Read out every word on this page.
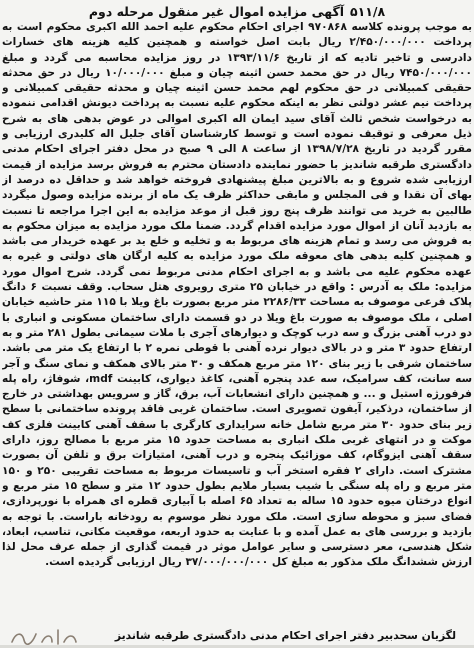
۵۱۱/۸
آگهی مزایده اموال غیر منقول مرحله دوم
به موجب پرونده کلاسه ۹۷۰۸۶۸ اجرای احکام محکوم علیه احمد الله اکبری محکوم است به پرداخت ۲/۴۵۰/۰۰۰/۰۰۰ ریال بابت اصل خواسته و همچنین کلیه هزینه های خسارات دادرسی و تاخیر تادیه که از تاریخ ۱۳۹۳/۱۱/۶ در روز مزایده محاسبه می گردد و مبلغ ۷۴۵۰/۰۰۰/۰۰۰ ریال در حق محمد حسن اثینه چیان و مبلغ ۱۰/۰۰۰/۰۰۰ ریال در حق محدثه حقیقی کمبیلانی در حق محکوم لهم محمد حسن اثینه چیان و محدثه حقیقی کمبیلانی و پرداخت نیم عشر دولتی نظر به اینکه محکوم علیه نسبت به پرداخت دیونش اقدامی ننموده به درخواست شخص ثالث آقای سید ایمان اله اکبری اموالی در عوض بدهی های به شرح ذیل معرفی و توقیف نموده است و توسط کارشناسان آقای جلیل اله کلیدری ارزیابی و مقرر گردید در تاریخ ۱۳۹۸/۷/۲۸ از ساعت ۸ الی ۹ صبح در محل دفتر اجرای احکام مدنی دادگستری طرقبه شاندیز با حضور نماینده دادستان محترم به فروش برسد مزایده از قیمت ارزیابی شده شروع و به بالاترین مبلغ پیشنهادی فروخته خواهد شد و حداقل ده درصد از بهای آن نقدا و فی المجلس و مابقی حداکثر ظرف یک ماه از برنده مزایده وصول میگردد طالبین به خرید می توانند ظرف پنج روز قبل از موعد مزایده به این اجرا مراجعه تا نسبت به بازدید آنان از اموال مورد مزایده اقدام گردد. ضمنا ملک مورد مزایده به میزان محکوم به به فروش می رسد و تمام هزینه های مربوط به و تخلیه و خلع ید بر عهده خریدار می باشد و همچنین کلیه بدهی های معوقه ملک مورد مزایده به کلیه ارگان های دولتی و غیره به عهده محکوم علیه می باشد و به اجرای احکام مدنی مربوط نمی گردد. شرح اموال مورد مزایده: ملک به آدرس : واقع در خیابان ۲۵ متری رویروی هتل سحاب. وقف نسبت ۶ دانگ پلاک فرعی موصوف به مساحت ۲۲۸۶/۳۳ متر مربع بصورت باغ ویلا با ۱۱۵ متر حاشیه خیابان اصلی ، ملک موصوف به صورت باغ ویلا در دو قسمت دارای ساختمان مسکونی و انباری با دو درب آهنی بزرگ و سه درب کوچک و دیوارهای آجری با ملات سیمانی بطول ۲۸۱ متر و به ارتفاع حدود ۳ متر و در بالای دیوار نرده آهنی با قوطی نمره ۲ با ارتفاع یک متر می باشد. ساختمان شرقی با زیر بنای ۱۲۰ متر مربع همکف و ۳۰ متر بالای همکف و نمای سنگ و آجر سه سانت، کف سرامیک، سه عدد پنجره آهنی، کاغذ دیواری، کابینت mdf، شوفاژ، راه پله فرفورژه استیل و ... و همچنین دارای انشعابات آب، برق، گاز و سرویس بهداشتی در خارج از ساختمان، درذکیر، آیفون تصویری است. ساختمان غربی فاقد پرونده ساختمانی با سطح زیر بنای حدود ۳۰ متر مربع شامل خانه سرایداری کارگری با سقف آهنی کابینت فلزی کف موکت و در انتهای غربی ملک انباری به مساحت حدود ۱۵ متر مربع با مصالح روز، دارای سقف آهنی ایزوگام، کف موزائیک پنجره و درب آهنی، امتیازات برق و تلفن آن بصورت مشترک است. دارای ۲ فقره استخر آب و تاسیسات مربوط به مساحت تقریبی ۲۵۰ و ۱۵۰ متر مربع و راه پله سنگی با شیب بسیار ملایم بطول حدود ۱۲ متر و سطح ۱۵ متر مربع و انواع درختان میوه حدود ۱۵ ساله به تعداد ۶۵ اصله با آبیاری قطره ای همراه با نورپردازی، فضای سبز و محوطه سازی است. ملک مورد نظر موسوم به رودخانه باراست. با توجه به بازدید و بررسی های به عمل آمده و با عنایت به حدود اربعه، موقعیت مکانی، تناسب، ابعاد، شکل هندسی، معر دسترسی و سایر عوامل موثر در قیمت گذاری از جمله عرف محل لذا ارزش ششدانگ ملک مذکور به مبلغ کل ۳۷/۰۰۰/۰۰۰/۰۰۰ ریال ارزیابی گردیده است.
لگزیان سحدبیر دفتر اجرای احکام مدنی دادگستری طرقبه شاندیز
